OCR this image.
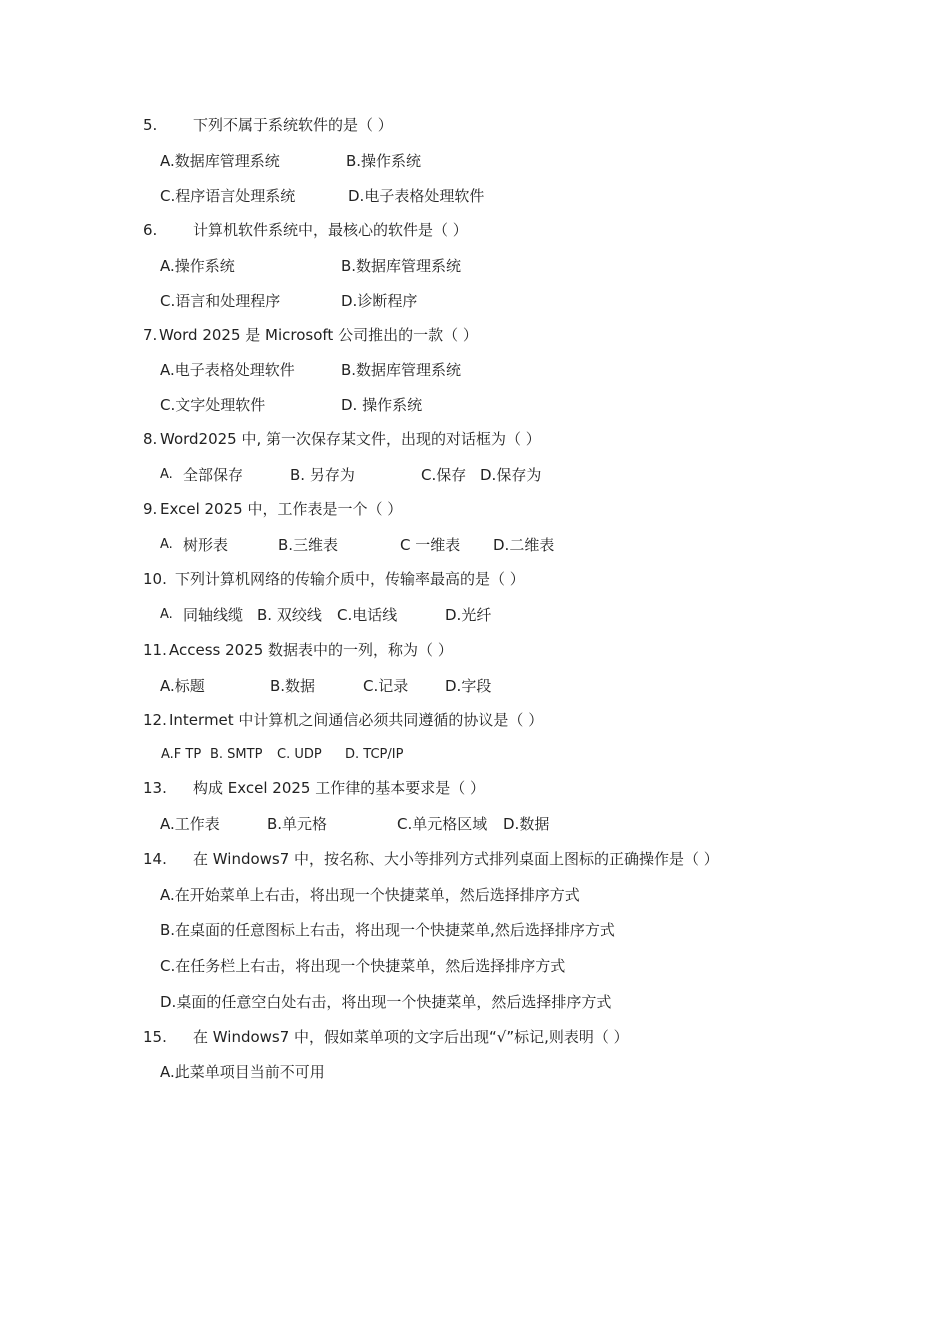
5. 下列不属于系统软件的是（ ）
A.数据库管理系统	B.操作系统
C.程序语言处理系统	D.电子表格处理软件
6. 计算机软件系统中，最核心的软件是（ ）
A.操作系统	B.数据库管理系统
C.语言和处理程序	D.诊断程序
7. Word 2025 是 Microsoft 公司推出的一款（ ）
A.电子表格处理软件	B.数据库管理系统
C.文字处理软件	D. 操作系统
8. Word2025 中, 第一次保存某文件，出现的对话框为（ ）
A. 全部保存	B. 另存为	C.保存 D.保存为
9. Excel 2025 中，工作表是一个（ ）
A. 树形表	B.三维表	C 一维表 D.二维表
10. 下列计算机网络的传输介质中，传输率最高的是（ ）
A. 同轴线缆 B. 双绞线 C.电话线	D.光纤
11. Access 2025 数据表中的一列，称为（ ）
A.标题	B.数据	C.记录 D.字段
12. Intermet 中计算机之间通信必须共同遵循的协议是（ ）
A.F TP B. SMTP C. UDP D. TCP/IP
13. 构成 Excel 2025 工作律的基本要求是（ ）
A.工作表	B.单元格	C.单元格区域 D.数据
14. 在 Windows7 中，按名称、大小等排列方式排列桌面上图标的正确操作是（ ）
A.在开始菜单上右击，将出现一个快捷菜单，然后选择排序方式
B.在桌面的任意图标上右击，将出现一个快捷菜单,然后选择排序方式
C.在任务栏上右击，将出现一个快捷菜单，然后选择排序方式
D.桌面的任意空白处右击，将出现一个快捷菜单，然后选择排序方式
15. 在 Windows7 中，假如菜单项的文字后出现“√”标记,则表明（ ）
A.此菜单项目当前不可用
